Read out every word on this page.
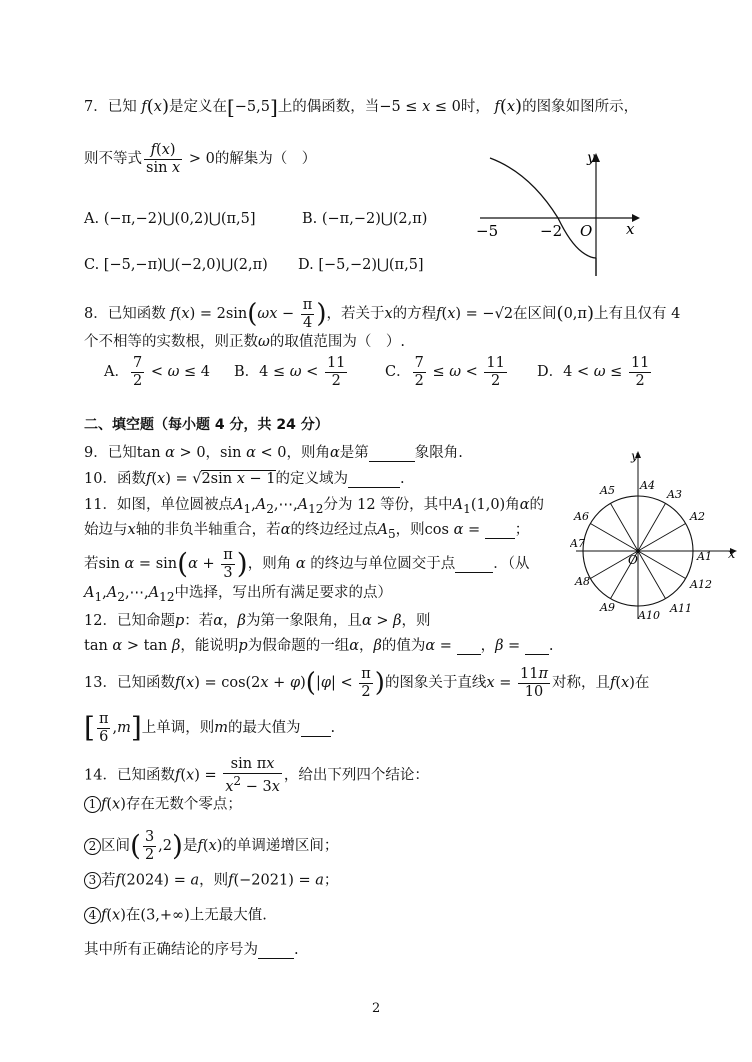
7．已知 f(x)是定义在[−5,5]上的偶函数，当−5 ≤ x ≤ 0时， f(x)的图象如图所示，
则不等式 $\frac{f(x)}{\text{sin x}} > 0$的解集为（　）
A. (−π,−2)⋃(0,2)⋃(π,5]	B. (−π,−2)⋃(2,π)
C. [−5,−π)⋃(−2,0)⋃(2,π) D. [−5,−2)⋃(π,5]
y
x
O
−5	−2
8．已知函数 $f(x) = 2\sin(\omega x - \frac{\pi}{4}$ )，若关于x的方程f(x) = −√2在区间(0,π)上有且仅有 4
个不相等的实数根，则正数ω的取值范围为（　）.
A． $\frac{7}{2} < \omega \le 4$ B．$4 \le \omega < \frac{11}{2}$	C． $\frac{7}{2} \le \omega < \frac{11}{2}$ D．$4 < \omega \le \frac{11}{2}$
二、填空题（每小题 4 分，共 24 分）
9．已知tan α > 0，sin α < 0，则角α是第	象限角.
10．函数f(x) = √2sin x − 1的定义域为	.
11．如图，单位圆被点$A_1,A_2,\cdots,A_{12}$分为 12 等份，其中$A_1(1,0)$角α的
始边与x轴的非负半轴重合，若α的终边经过点$A_5$，则cos α =  ；
若$\sin \alpha = \sin(\alpha + \frac{\pi}{3}$ )，则角 α 的终边与单位圆交于点	．（从
$A_1,A_2,\cdots,A_{12}$中选择，写出所有满足要求的点）
y
x
O	A1
A2
A3
A4
A5
A6
A7
A8
A9
A10
A11
A12
12．已知命题p：若α，β为第一象限角，且α > β，则
tan α > tan β，能说明p为假命题的一组α，β的值为α =  ，β =  .
13．已知函数$f(x) = \cos(2x + \varphi)(|\varphi| < \frac{\pi}{2}$ )的图象关于直线$x = \frac{11\pi}{10}$ 对称，且f(x)在
[ $\frac{\pi}{6} ,m$]上单调，则m的最大值为 .
14．已知函数$f(x) = \frac{\text{sin πx}}{x^2 - 3x}$ ，给出下列四个结论：
1 f(x)存在无数个零点；
2 区间( $\frac{3}{2} ,2$)是f(x)的单调递增区间；
3 若f(2024) = a，则f(−2021) = a；
4 f(x)在(3,+∞)上无最大值.
其中所有正确结论的序号为 .
2
